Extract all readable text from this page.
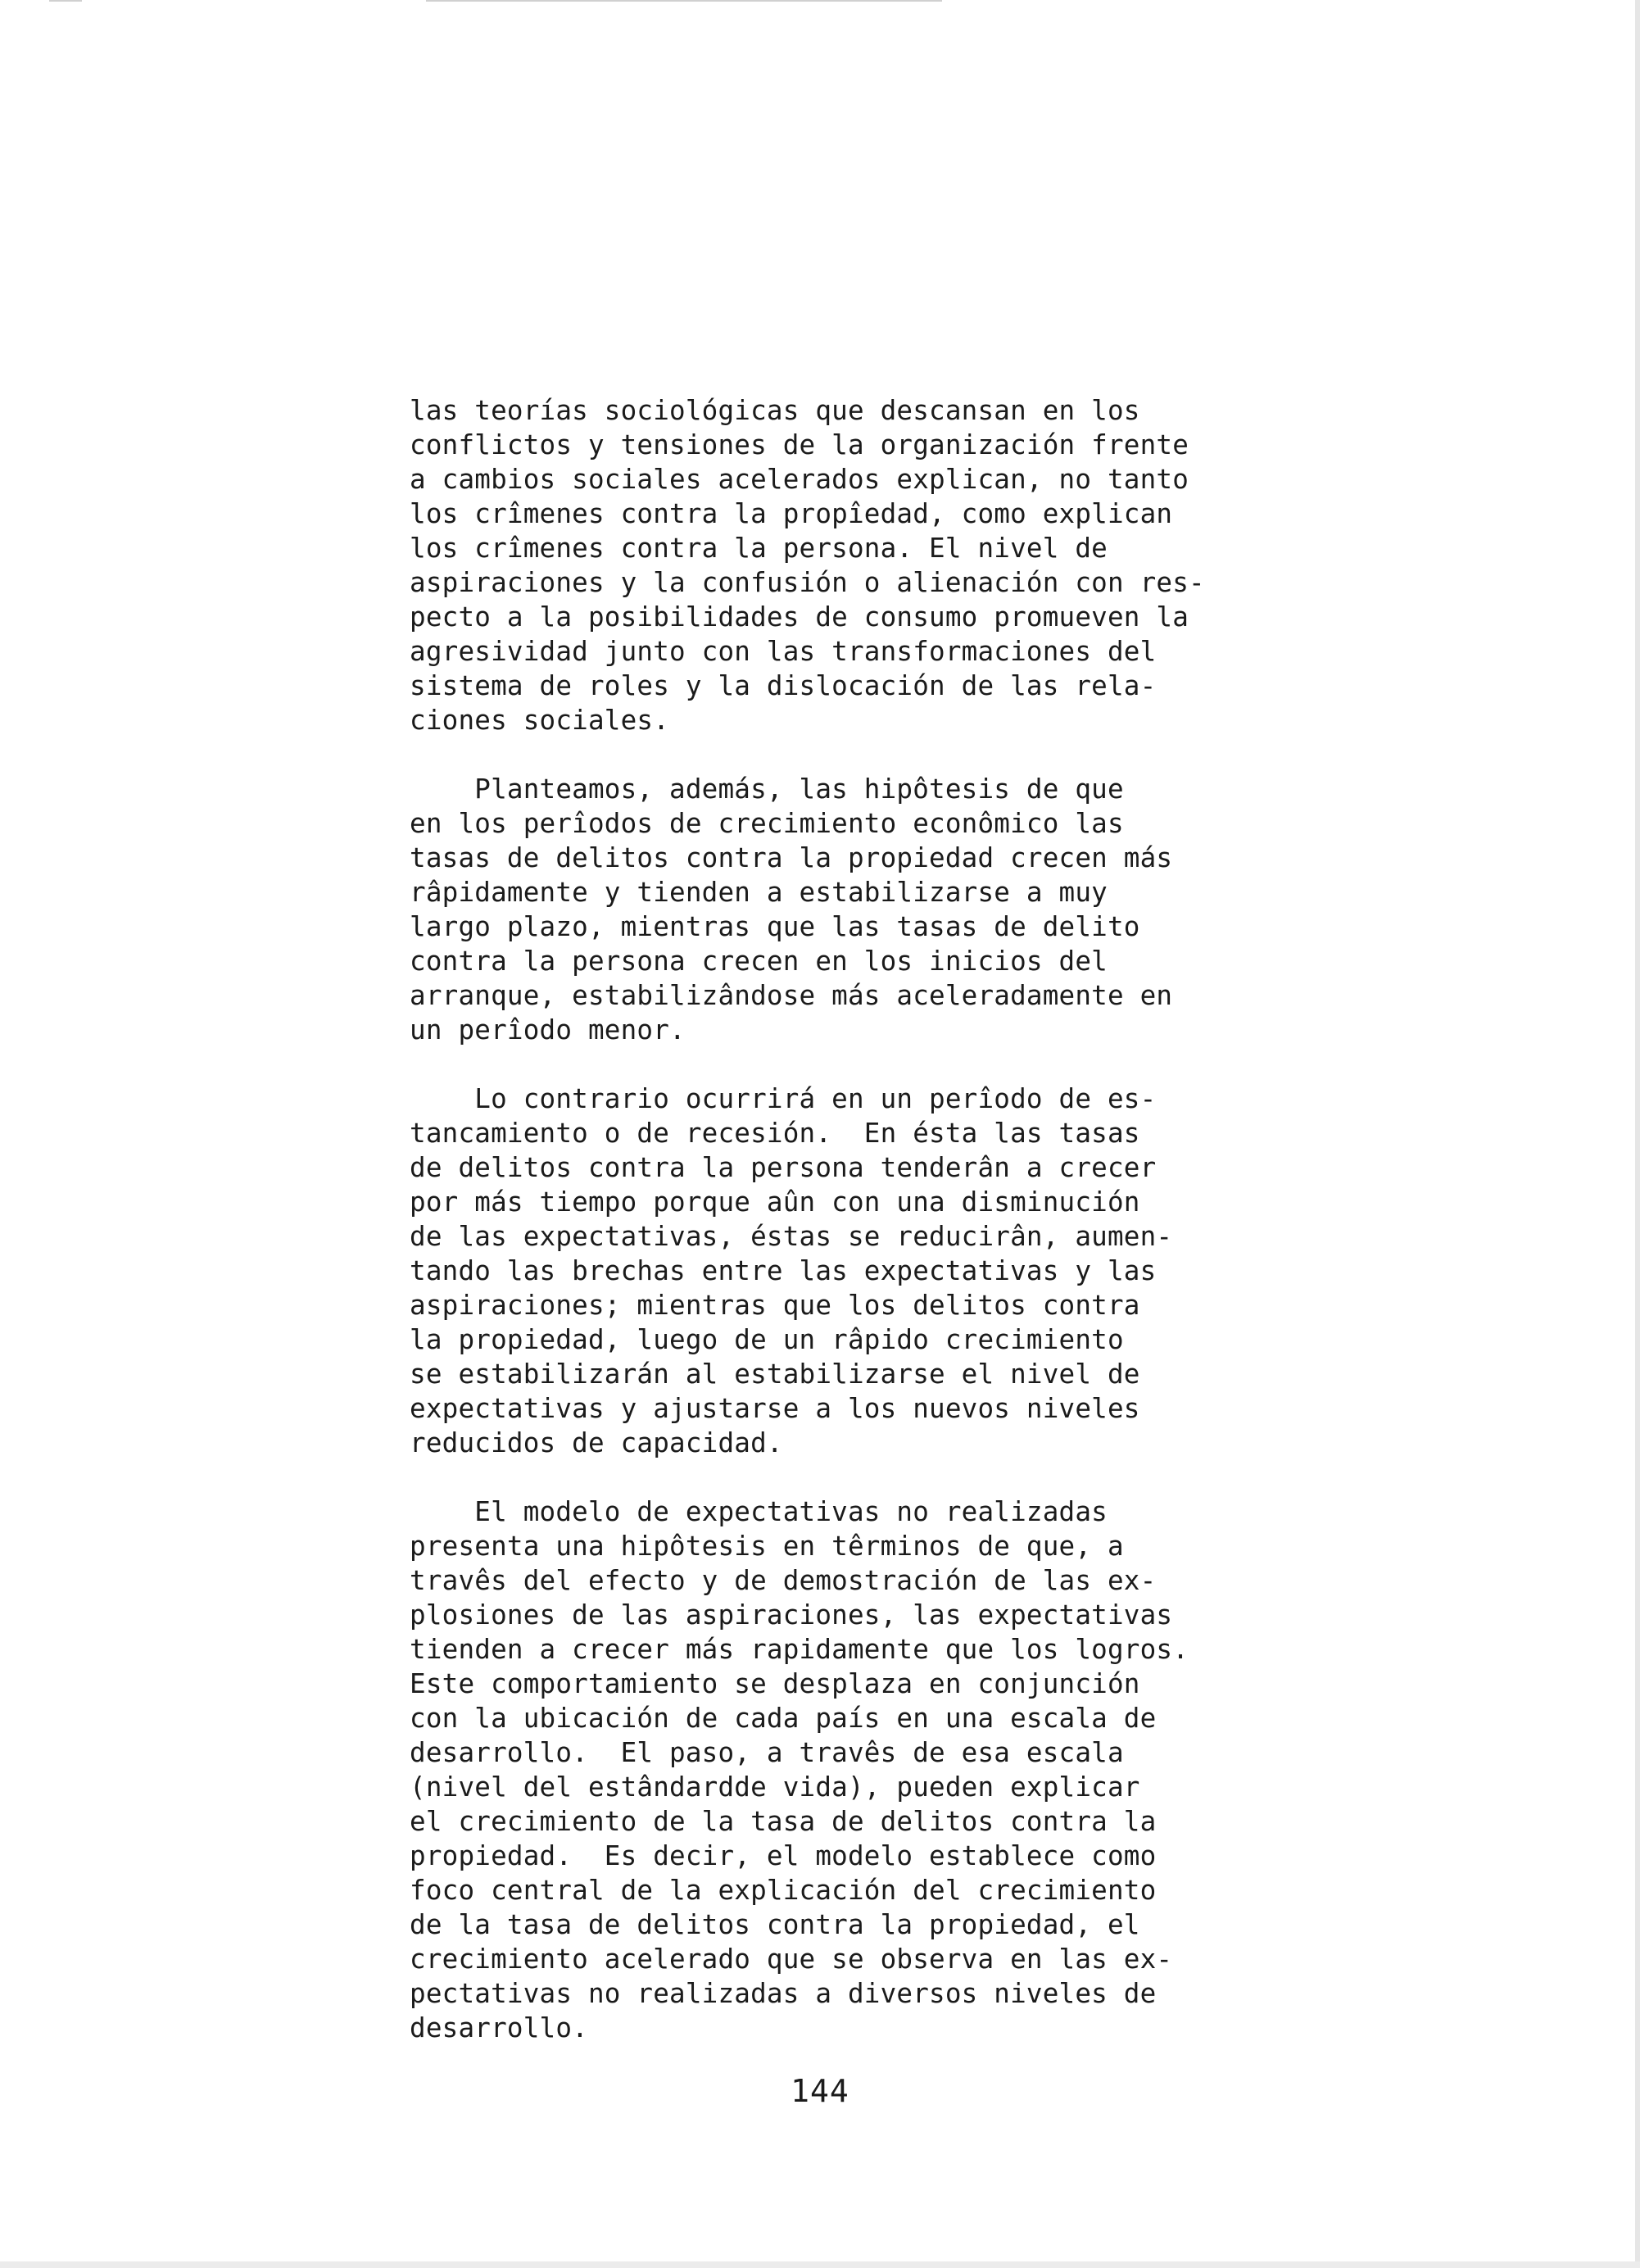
las teorías sociológicas que descansan en los
conflictos y tensiones de la organización frente
a cambios sociales acelerados explican, no tanto
los crîmenes contra la propîedad, como explican
los crîmenes contra la persona. El nivel de
aspiraciones y la confusión o alienación con res-
pecto a la posibilidades de consumo promueven la
agresividad junto con las transformaciones del
sistema de roles y la dislocación de las rela-
ciones sociales.
Planteamos, además, las hipôtesis de que
en los perîodos de crecimiento econômico las
tasas de delitos contra la propiedad crecen más
râpidamente y tienden a estabilizarse a muy
largo plazo, mientras que las tasas de delito
contra la persona crecen en los inicios del
arranque, estabilizândose más aceleradamente en
un perîodo menor.
Lo contrario ocurrirá en un perîodo de es-
tancamiento o de recesión.  En ésta las tasas
de delitos contra la persona tenderân a crecer
por más tiempo porque aûn con una disminución
de las expectativas, éstas se reducirân, aumen-
tando las brechas entre las expectativas y las
aspiraciones; mientras que los delitos contra
la propiedad, luego de un râpido crecimiento
se estabilizarán al estabilizarse el nivel de
expectativas y ajustarse a los nuevos niveles
reducidos de capacidad.
El modelo de expectativas no realizadas
presenta una hipôtesis en têrminos de que, a
travês del efecto y de demostración de las ex-
plosiones de las aspiraciones, las expectativas
tienden a crecer más rapidamente que los logros.
Este comportamiento se desplaza en conjunción
con la ubicación de cada país en una escala de
desarrollo.  El paso, a travês de esa escala
(nivel del estândardde vida), pueden explicar
el crecimiento de la tasa de delitos contra la
propiedad.  Es decir, el modelo establece como
foco central de la explicación del crecimiento
de la tasa de delitos contra la propiedad, el
crecimiento acelerado que se observa en las ex-
pectativas no realizadas a diversos niveles de
desarrollo.
144
